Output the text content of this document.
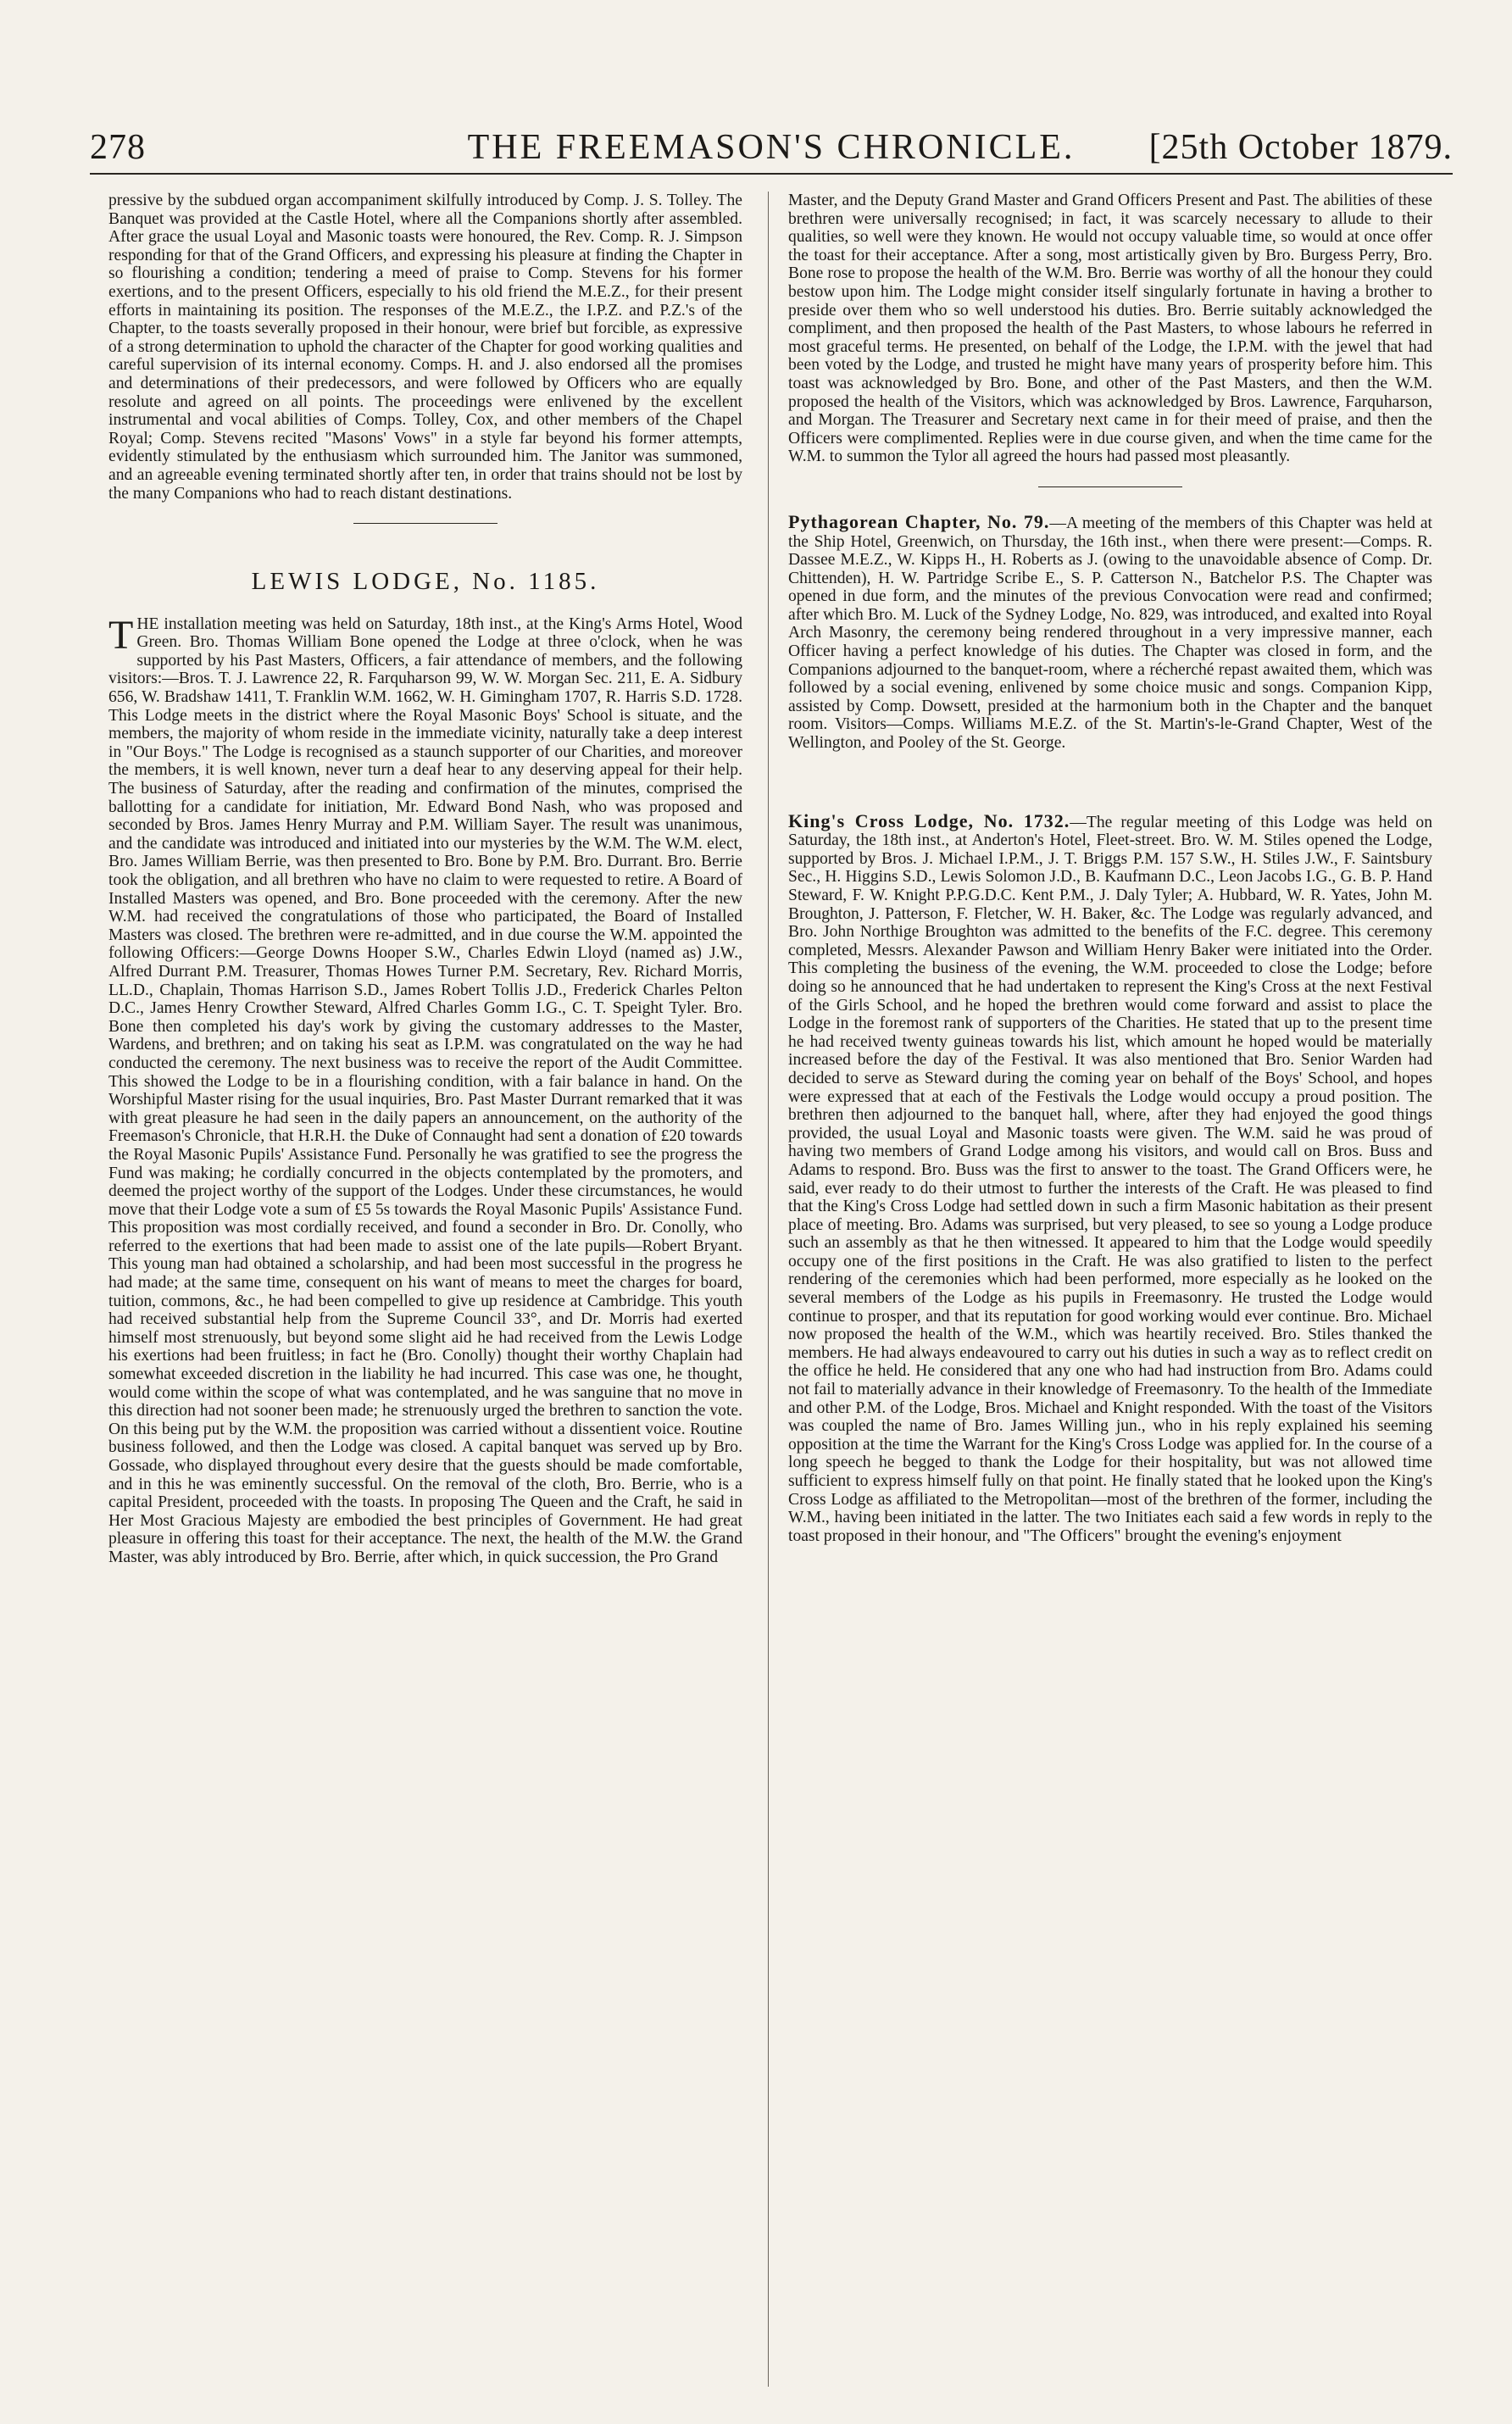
278	THE FREEMASON'S CHRONICLE.	[25th October 1879.

pressive by the subdued organ accompaniment skilfully introduced by Comp. J. S. Tolley. The Banquet was provided at the Castle Hotel, where all the Companions shortly after assembled. After grace the usual Loyal and Masonic toasts were honoured, the Rev. Comp. R. J. Simpson responding for that of the Grand Officers, and expressing his pleasure at finding the Chapter in so flourishing a condition; tendering a meed of praise to Comp. Stevens for his former exertions, and to the present Officers, especially to his old friend the M.E.Z., for their present efforts in maintaining its position. The responses of the M.E.Z., the I.P.Z. and P.Z.'s of the Chapter, to the toasts severally proposed in their honour, were brief but forcible, as expressive of a strong determination to uphold the character of the Chapter for good working qualities and careful supervision of its internal economy. Comps. H. and J. also endorsed all the promises and determinations of their predecessors, and were followed by Officers who are equally resolute and agreed on all points. The proceedings were enlivened by the excellent instrumental and vocal abilities of Comps. Tolley, Cox, and other members of the Chapel Royal; Comp. Stevens recited "Masons' Vows" in a style far beyond his former attempts, evidently stimulated by the enthusiasm which surrounded him. The Janitor was summoned, and an agreeable evening terminated shortly after ten, in order that trains should not be lost by the many Companions who had to reach distant destinations.

LEWIS LODGE, No. 1185.

THE installation meeting was held on Saturday, 18th inst., at the King's Arms Hotel, Wood Green. Bro. Thomas William Bone opened the Lodge at three o'clock, when he was supported by his Past Masters, Officers, a fair attendance of members, and the following visitors:—Bros. T. J. Lawrence 22, R. Farquharson 99, W. W. Morgan Sec. 211, E. A. Sidbury 656, W. Bradshaw 1411, T. Franklin W.M. 1662, W. H. Gimingham 1707, R. Harris S.D. 1728. This Lodge meets in the district where the Royal Masonic Boys' School is situate, and the members, the majority of whom reside in the immediate vicinity, naturally take a deep interest in "Our Boys." The Lodge is recognised as a staunch supporter of our Charities, and moreover the members, it is well known, never turn a deaf hear to any deserving appeal for their help. The business of Saturday, after the reading and confirmation of the minutes, comprised the ballotting for a candidate for initiation, Mr. Edward Bond Nash, who was proposed and seconded by Bros. James Henry Murray and P.M. William Sayer. The result was unanimous, and the candidate was introduced and initiated into our mysteries by the W.M. The W.M. elect, Bro. James William Berrie, was then presented to Bro. Bone by P.M. Bro. Durrant. Bro. Berrie took the obligation, and all brethren who have no claim to were requested to retire. A Board of Installed Masters was opened, and Bro. Bone proceeded with the ceremony. After the new W.M. had received the congratulations of those who participated, the Board of Installed Masters was closed. The brethren were re-admitted, and in due course the W.M. appointed the following Officers:—George Downs Hooper S.W., Charles Edwin Lloyd (named as) J.W., Alfred Durrant P.M. Treasurer, Thomas Howes Turner P.M. Secretary, Rev. Richard Morris, LL.D., Chaplain, Thomas Harrison S.D., James Robert Tollis J.D., Frederick Charles Pelton D.C., James Henry Crowther Steward, Alfred Charles Gomm I.G., C. T. Speight Tyler. Bro. Bone then completed his day's work by giving the customary addresses to the Master, Wardens, and brethren; and on taking his seat as I.P.M. was congratulated on the way he had conducted the ceremony. The next business was to receive the report of the Audit Committee. This showed the Lodge to be in a flourishing condition, with a fair balance in hand. On the Worshipful Master rising for the usual inquiries, Bro. Past Master Durrant remarked that it was with great pleasure he had seen in the daily papers an announcement, on the authority of the Freemason's Chronicle, that H.R.H. the Duke of Connaught had sent a donation of £20 towards the Royal Masonic Pupils' Assistance Fund. Personally he was gratified to see the progress the Fund was making; he cordially concurred in the objects contemplated by the promoters, and deemed the project worthy of the support of the Lodges. Under these circumstances, he would move that their Lodge vote a sum of £5 5s towards the Royal Masonic Pupils' Assistance Fund. This proposition was most cordially received, and found a seconder in Bro. Dr. Conolly, who referred to the exertions that had been made to assist one of the late pupils—Robert Bryant. This young man had obtained a scholarship, and had been most successful in the progress he had made; at the same time, consequent on his want of means to meet the charges for board, tuition, commons, &c., he had been compelled to give up residence at Cambridge. This youth had received substantial help from the Supreme Council 33°, and Dr. Morris had exerted himself most strenuously, but beyond some slight aid he had received from the Lewis Lodge his exertions had been fruitless; in fact he (Bro. Conolly) thought their worthy Chaplain had somewhat exceeded discretion in the liability he had incurred. This case was one, he thought, would come within the scope of what was contemplated, and he was sanguine that no move in this direction had not sooner been made; he strenuously urged the brethren to sanction the vote. On this being put by the W.M. the proposition was carried without a dissentient voice. Routine business followed, and then the Lodge was closed. A capital banquet was served up by Bro. Gossade, who displayed throughout every desire that the guests should be made comfortable, and in this he was eminently successful. On the removal of the cloth, Bro. Berrie, who is a capital President, proceeded with the toasts. In proposing The Queen and the Craft, he said in Her Most Gracious Majesty are embodied the best principles of Government. He had great pleasure in offering this toast for their acceptance. The next, the health of the M.W. the Grand Master, was ably introduced by Bro. Berrie, after which, in quick succession, the Pro Grand

Master, and the Deputy Grand Master and Grand Officers Present and Past. The abilities of these brethren were universally recognised; in fact, it was scarcely necessary to allude to their qualities, so well were they known. He would not occupy valuable time, so would at once offer the toast for their acceptance. After a song, most artistically given by Bro. Burgess Perry, Bro. Bone rose to propose the health of the W.M. Bro. Berrie was worthy of all the honour they could bestow upon him. The Lodge might consider itself singularly fortunate in having a brother to preside over them who so well understood his duties. Bro. Berrie suitably acknowledged the compliment, and then proposed the health of the Past Masters, to whose labours he referred in most graceful terms. He presented, on behalf of the Lodge, the I.P.M. with the jewel that had been voted by the Lodge, and trusted he might have many years of prosperity before him. This toast was acknowledged by Bro. Bone, and other of the Past Masters, and then the W.M. proposed the health of the Visitors, which was acknowledged by Bros. Lawrence, Farquharson, and Morgan. The Treasurer and Secretary next came in for their meed of praise, and then the Officers were complimented. Replies were in due course given, and when the time came for the W.M. to summon the Tylor all agreed the hours had passed most pleasantly.

Pythagorean Chapter, No. 79.—A meeting of the members of this Chapter was held at the Ship Hotel, Greenwich, on Thursday, the 16th inst., when there were present:—Comps. R. Dassee M.E.Z., W. Kipps H., H. Roberts as J. (owing to the unavoidable absence of Comp. Dr. Chittenden), H. W. Partridge Scribe E., S. P. Catterson N., Batchelor P.S. The Chapter was opened in due form, and the minutes of the previous Convocation were read and confirmed; after which Bro. M. Luck of the Sydney Lodge, No. 829, was introduced, and exalted into Royal Arch Masonry, the ceremony being rendered throughout in a very impressive manner, each Officer having a perfect knowledge of his duties. The Chapter was closed in form, and the Companions adjourned to the banquet-room, where a récherché repast awaited them, which was followed by a social evening, enlivened by some choice music and songs. Companion Kipp, assisted by Comp. Dowsett, presided at the harmonium both in the Chapter and the banquet room. Visitors—Comps. Williams M.E.Z. of the St. Martin's-le-Grand Chapter, West of the Wellington, and Pooley of the St. George.

King's Cross Lodge, No. 1732.—The regular meeting of this Lodge was held on Saturday, the 18th inst., at Anderton's Hotel, Fleet-street. Bro. W. M. Stiles opened the Lodge, supported by Bros. J. Michael I.P.M., J. T. Briggs P.M. 157 S.W., H. Stiles J.W., F. Saintsbury Sec., H. Higgins S.D., Lewis Solomon J.D., B. Kaufmann D.C., Leon Jacobs I.G., G. B. P. Hand Steward, F. W. Knight P.P.G.D.C. Kent P.M., J. Daly Tyler; A. Hubbard, W. R. Yates, John M. Broughton, J. Patterson, F. Fletcher, W. H. Baker, &c. The Lodge was regularly advanced, and Bro. John Northige Broughton was admitted to the benefits of the F.C. degree. This ceremony completed, Messrs. Alexander Pawson and William Henry Baker were initiated into the Order. This completing the business of the evening, the W.M. proceeded to close the Lodge; before doing so he announced that he had undertaken to represent the King's Cross at the next Festival of the Girls School, and he hoped the brethren would come forward and assist to place the Lodge in the foremost rank of supporters of the Charities. He stated that up to the present time he had received twenty guineas towards his list, which amount he hoped would be materially increased before the day of the Festival. It was also mentioned that Bro. Senior Warden had decided to serve as Steward during the coming year on behalf of the Boys' School, and hopes were expressed that at each of the Festivals the Lodge would occupy a proud position. The brethren then adjourned to the banquet hall, where, after they had enjoyed the good things provided, the usual Loyal and Masonic toasts were given. The W.M. said he was proud of having two members of Grand Lodge among his visitors, and would call on Bros. Buss and Adams to respond. Bro. Buss was the first to answer to the toast. The Grand Officers were, he said, ever ready to do their utmost to further the interests of the Craft. He was pleased to find that the King's Cross Lodge had settled down in such a firm Masonic habitation as their present place of meeting. Bro. Adams was surprised, but very pleased, to see so young a Lodge produce such an assembly as that he then witnessed. It appeared to him that the Lodge would speedily occupy one of the first positions in the Craft. He was also gratified to listen to the perfect rendering of the ceremonies which had been performed, more especially as he looked on the several members of the Lodge as his pupils in Freemasonry. He trusted the Lodge would continue to prosper, and that its reputation for good working would ever continue. Bro. Michael now proposed the health of the W.M., which was heartily received. Bro. Stiles thanked the members. He had always endeavoured to carry out his duties in such a way as to reflect credit on the office he held. He considered that any one who had had instruction from Bro. Adams could not fail to materially advance in their knowledge of Freemasonry. To the health of the Immediate and other P.M. of the Lodge, Bros. Michael and Knight responded. With the toast of the Visitors was coupled the name of Bro. James Willing jun., who in his reply explained his seeming opposition at the time the Warrant for the King's Cross Lodge was applied for. In the course of a long speech he begged to thank the Lodge for their hospitality, but was not allowed time sufficient to express himself fully on that point. He finally stated that he looked upon the King's Cross Lodge as affiliated to the Metropolitan—most of the brethren of the former, including the W.M., having been initiated in the latter. The two Initiates each said a few words in reply to the toast proposed in their honour, and "The Officers" brought the evening's enjoyment
